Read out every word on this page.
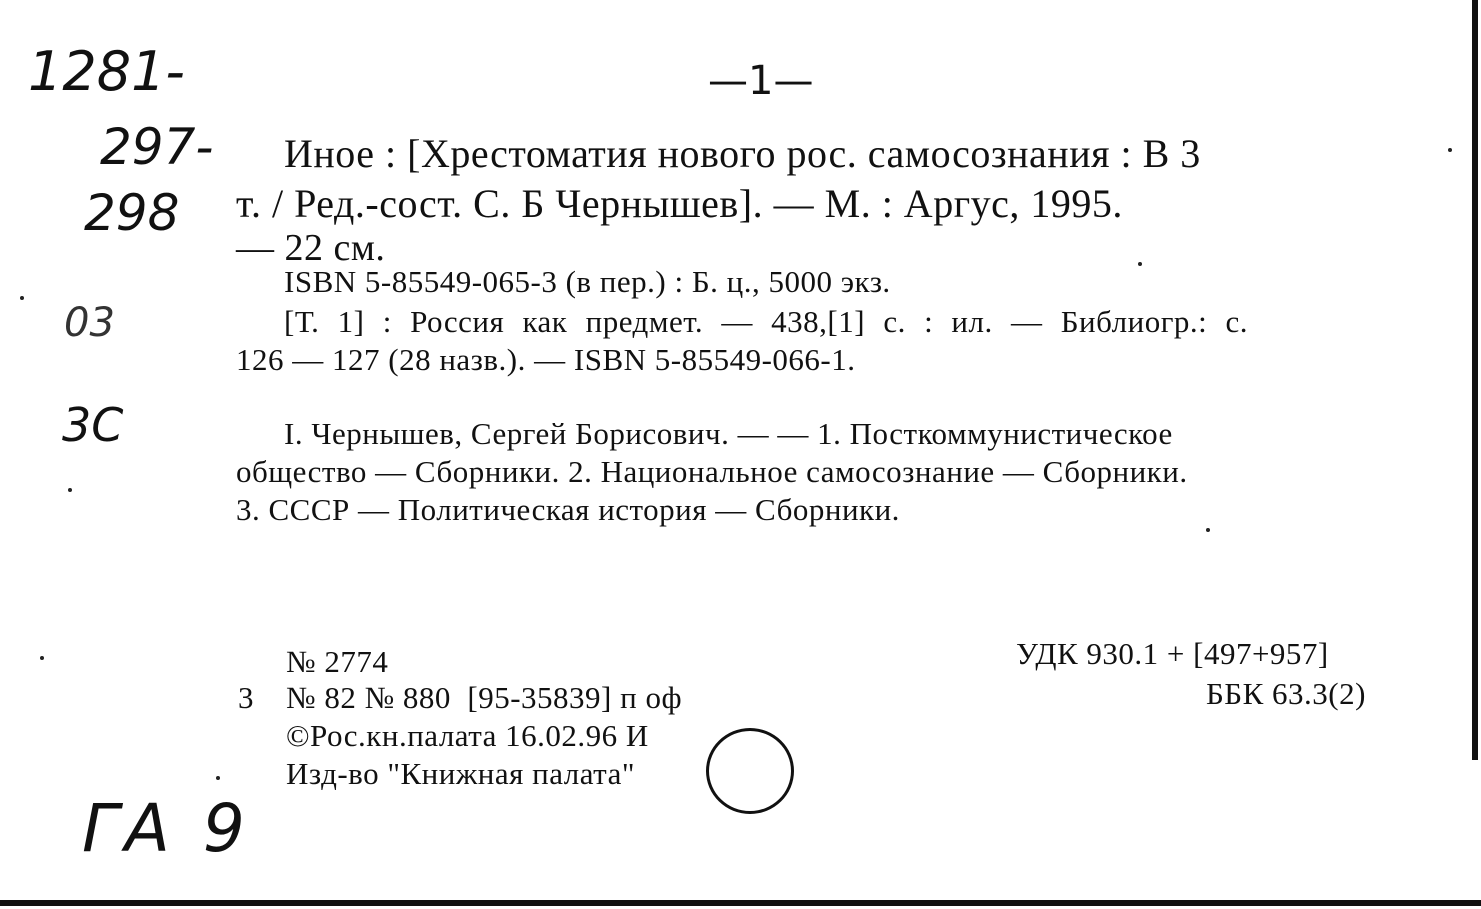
1281-
297-
298
—1—
03
3С
ГА 9
Иное : [Хрестоматия нового рос. самосознания : В 3
т. / Ред.-сост. С. Б Чернышев]. — М. : Аргус, 1995.
— 22 см.
ISBN 5-85549-065-3 (в пер.) : Б. ц., 5000 экз.
[Т. 1] : Россия как предмет. — 438,[1] с. : ил. — Библиогр.: с.
126 — 127 (28 назв.). — ISBN 5-85549-066-1.
I. Чернышев, Сергей Борисович. — — 1. Посткоммунистическое
общество — Сборники. 2. Национальное самосознание — Сборники.
3. СССР — Политическая история — Сборники.
№ 2774
3 № 82 № 880  [95-35839] п оф
©Рос.кн.палата 16.02.96 И
Изд-во "Книжная палата"
УДК 930.1 + [497+957]
ББК 63.3(2)
